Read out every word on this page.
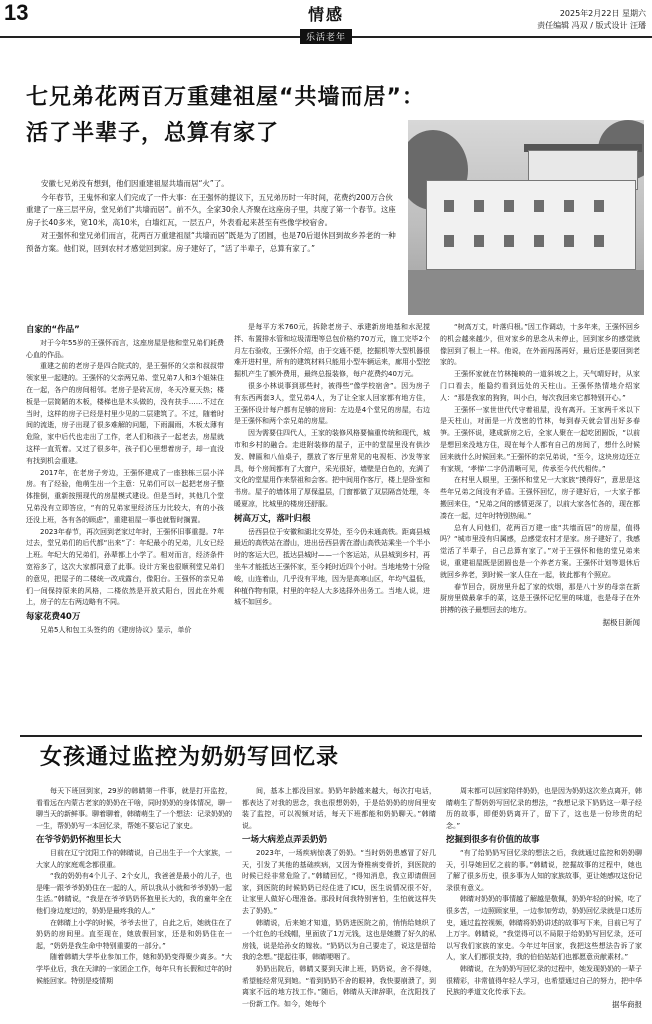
13	情感
乐活老年
2025年2月22日 星期六
责任编辑 冯双 / 版式设计 汪璠
七兄弟花两百万重建祖屋“共墙而居”：
活了半辈子，总算有家了

安徽七兄弟没有想到，他们因重建祖屋共墙而居“火”了。

今年春节，王鬼怀和家人们完成了一件大事：在王强怀的提议下，五兄弟历时一年时间，花费约200万合伙重建了一座三层平房，堂兄弟们“共墙而居”。前不久，全家30余人齐聚在这座房子里，共度了第一个春节。这座房子长40多米，宽10米，高10米，白墙红瓦，一层五户，外表看起来甚至有些像学校宿舍。

对王强怀和堂兄弟们而言，花两百万重建祖屋“共墙而居”既是为了团圆，也是70后退休回到故乡养老的一种预备方案。他们说，回到农村才感觉回到家。房子建好了，“活了半辈子，总算有家了。”

自家的“作品”

对于今年55岁的王强怀而言，这座房屋是他和堂兄弟们耗费心血的作品。

重建之前的老房子是四合院式的，是王强怀的父亲和叔叔带领家里一起建的。王强怀的父亲两兄弟、堂兄弟7人和3个姐妹住在一起，各户的房间相邻。老房子是砖瓦房，冬天冷夏天热；楼板是一层简陋的木板，楼梯也是木头做的，没有扶手……不过在当时，这样的房子已经是村里少见的二层建筑了。不过，随着时间的流逝，房子出现了很多难解的问题，下雨漏雨，木板太薄有危险，家中后代也走出了工作，老人们和孩子一起老去，房屋就这样一直荒着。又过了很多年，孩子们心里想着房子，却一直没有找到机会重建。

2017年，在老房子旁边，王强怀建成了一座独栋三层小洋房。有了经验，他萌生出一个主意：兄弟们可以一起把老房子整体推倒，重新按照现代的房屋模式建设。但是当时，其他几个堂兄弟没有立即答应，“有的兄弟家里经济压力比较大，有的小孩还没上班，各有各的顾虑”，重建祖屋一事也就暂时搁置。

2023年春节，再次回到老家过年时，王强怀旧事重提。7年过去，堂兄弟们的后代都“出来”了：年纪最小的兄弟，儿女已经上班。年纪大的兄弟们，孙辈都上小学了。相对而言，经济条件宽裕多了，这次大家都同意了此事。设计方案也很顺利堂兄弟们的意见，把屋子的二楼统一改成露台，像阳台。王强怀的亲兄弟们一间保持原来的风格，二楼依然是开放式阳台，因此在外观上，房子的左右两边略有不同。

每家花费40万

兄弟5人和包工头签约的《建房协议》显示，单价

是每平方米760元，拆除老房子、承建新房地基和水泥搅拌、布置排水管和垃圾清理等总包价格约70万元，施工完毕2个月左右验收，王强怀介绍，由于交通不便，挖掘机等大型机器很难开进村里，所有的建筑材料只能用小型车辆运来，廊用小型挖掘机产生了额外费用，最终总报装修，每户花费约40万元。

很多小林说事到那些时，被得些“像学校宿舍”。因为房子有东西两套3人，堂兄弟4人，为了让全家人回家都有地方住，王强怀设计每户都有足够的房间：左边是4个堂兄的房屋，右边是王强怀和两个亲兄弟的房屋。

因为需要住四代人，王家的装修风格要偏重传统和现代，城市和乡村的融合。走进附装修的屋子，正中的堂屋里没有供沙发、牌匾和八仙桌子，摆放了客厅里常见的电视柜、沙发等家具，每个房间都有了大窗户，采光很好，墙壁是白色的，充满了文化的堂屋用作来祭祖和会客。把中间用作客厅，楼上是卧室和书房。屋子的墙体用了厚保温层，门窗都做了双层隔音处理，冬暖夏凉，比城里的楼房还舒服。

树高万丈，落叶归根

岳西县位于安徽和湖北交界处，至今仍未通高铁。距离县城最近的高铁站在潜山，进出岳西县需在潜山高铁站乘坐一个半小时的客运大巴，抵达县城时——一个客运站，从县城到乡村，再坐车才能抵达王强怀家，至今耗时近四个小时。当地地势十分险峻，山连着山，几乎没有平地，因为是高寒山区，年均气温低，种植作物有限，村里的年轻人大多选择外出务工。当地人说，进城不如回乡。

“树高万丈，叶落归根。”因工作调动，十多年来，王强怀回乡的机会越来越少，但对家乡的思念从未停止，回到家乡的感觉就像回到了根上一样。他说，在外面闯荡再好，最后还是要回到老家的。

王强怀家就在竹林掩映的一道斜坡之上，天气晴好时，从家门口看去，能隐约看到远处的天柱山。王强怀热情地介绍家人：“那是我家的狗狗，叫小白，每次我回来它都特别开心。”

王强怀一家世世代代守着祖屋，没有离开。王家两千米以下是天柱山，对面是一片茂密的竹林，每到春天就会冒出好多春笋。王强怀说，建成新房之后，全家人聚在一起吃团圆饭，“以前是想回来没地方住，现在每个人都有自己的房间了，想什么时候回来就什么时候回来。”王强怀的亲兄弟说，“至今，这块房边还立有家规，‘孝悌’二字仍清晰可见，传承至今代代相传。”

在村里人眼里，王强怀和堂兄一大家族“摸得好”，意思是这些年兄弟之间没有矛盾。王强怀回忆，房子建好后，一大家子都搬回来住，“兄弟之间的感情更深了，以前大家各忙各的，现在都凑在一起，过年时特别热闹。”

总有人问他们，花两百万建一座“共墙而居”的房屋，值得吗？“城市里没有归属感，总感觉农村才是家。房子建好了，我感觉活了半辈子，自己总算有家了。”对于王强怀和他的堂兄弟来说，重建祖屋既是团圆也是一个养老方案。王强怀计划等退休后就回乡养老，到时候一家人住在一起，彼此都有个照应。

春节回合，厨房里升起了家的炊烟，那是八十岁的母亲在新厨房里做最拿手的菜，这是王强怀记忆里的味道，也是母子在外拼搏的孩子最想回去的地方。

据极目新闻
女孩通过监控为奶奶写回忆录

每天下班回到家，29岁的韩睛第一件事，就是打开监控，看看远在内蒙古老家的奶奶在干啥，同时奶奶的身体情况，聊一聊当天的新鲜事。聊着聊着，韩睛萌生了一个想法：记录奶奶的一生，帮奶奶写一本回忆录，帮她不要忘记了家史。

在爷爷奶奶怀抱里长大

目前在辽宁沈阳工作的韩睛说，自己出生于一个大家族，一大家人的家庭观念都很重。

“我的奶奶有4个儿子、2个女儿，我爸爸是最小的儿子，也是唯一跟爷爷奶奶住在一起的人，所以我从小就和爷爷奶奶一起生活。”韩睛说，“我是在爷爷奶奶怀抱里长大的，我的童年全在他们身边度过的，奶奶是最疼我的人。”

在韩睛上小学的时候，爷爷去世了，自此之后，她就住在了奶奶的房间里。直至现在，她放假回家，还是和奶奶住在一起，“奶奶是我生命中特别重要的一部分。”

随着韩睛大学毕业参加工作，她和奶奶变得聚少离多。“大学毕业后，我在天津的一家团企工作，每年只有长假和过年的时候能回家。特别是疫情期

间，基本上都没回家。奶奶年龄越来越大，每次打电话，都表达了对我的思念，我也很想奶奶，于是给奶奶的房间里安装了监控，可以视频对话，每天下班都能和奶奶聊天。”韩睛说。

一场大病差点弄丢奶奶

2023年，一场疾病惊袭了奶奶。“当时奶奶患感冒了好几天，引发了其他的基础疾病，又因为脊椎病变骨折，到医院的时候已经非常危险了。”韩睛回忆，“得知消息，我立即请假回家，到医院的时候奶奶已经住进了ICU，医生说情况很不好，让家里人做好心理准备。那段时间我特别害怕，生怕就这样失去了奶奶。”

韩睛说，后来她才知道，奶奶进医院之前，悄悄给她织了一个红色的毛线帽，里面放了1万元钱，这也是她攒了好久的私房钱，说是给孙女的嫁妆。“奶奶以为自己要走了，说这是留给我的念想。”提起往事，韩睛哽咽了。

奶奶出院后，韩睛又要到天津上班，奶奶说，舍不得她，希望能经常见到她。“看到奶奶不舍的眼神，我快要崩溃了，到离家不远的地方找工作。”随后，韩睛从天津辞职，在沈阳找了一份新工作。如今，她每个

周末都可以回家陪伴奶奶，也是因为奶奶这次差点离开，韩睛萌生了帮奶奶写回忆录的想法，“我想记录下奶奶这一辈子经历的故事，即便奶奶离开了，留下了，这也是一份珍贵的纪念。”

挖掘到很多有价值的故事

“有了给奶奶写回忆录的想法之后，我就通过监控和奶奶聊天，引导她回忆之前的事。”韩睛说，挖掘故事的过程中，她也了解了很多历史，很多事为人知的家族故事，更让她感叹这份记录很有意义。

韩睛对奶奶的事情越了解越是敬佩，奶奶年轻的时候，吃了很多苦，一边照顾家里，一边参加劳动，奶奶回忆录就是口述历史，通过监控视频，韩睛将奶奶讲述的故事写下来，目前已写了上万字。韩睛说，“我觉得可以不局限于给奶奶写回忆录，还可以写我们家族的家史。今年过年回家，我把这些想法告诉了家人，家人们都很支持，我的伯伯姑姑们也都愿意贡献素材。”

韩睛说，在为奶奶写回忆录的过程中，她发现奶奶的一辈子很精彩，非常值得年轻人学习，也希望通过自己的努力，把中华民族的孝道文化传承下去。

据华商报
